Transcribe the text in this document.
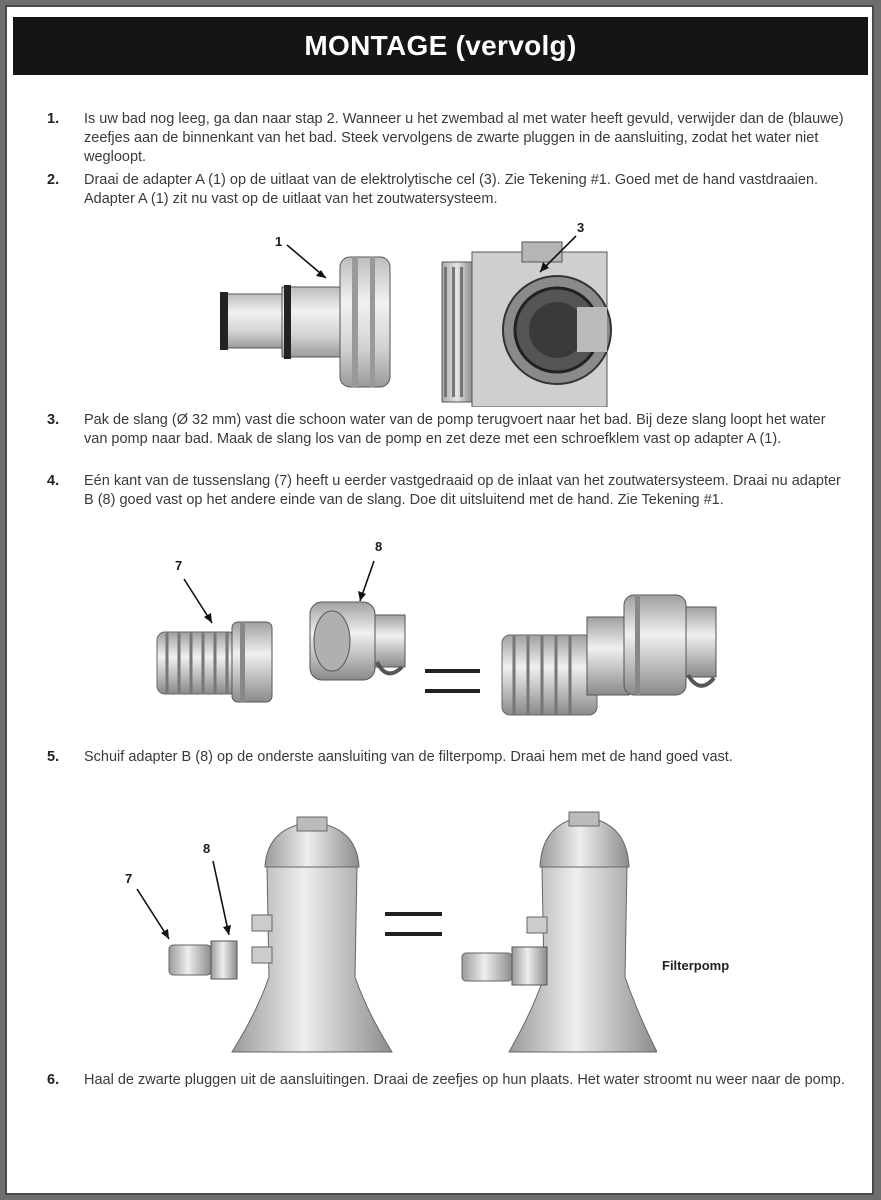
MONTAGE (vervolg)
1. Is uw bad nog leeg, ga dan naar stap 2. Wanneer u het zwembad al met water heeft gevuld, verwijder dan de (blauwe) zeefjes aan de binnenkant van het bad. Steek vervolgens de zwarte pluggen in de aansluiting, zodat het water niet wegloopt.
2. Draai de adapter A (1) op de uitlaat van de elektrolytische cel (3). Zie Tekening #1. Goed met de hand vastdraaien. Adapter A (1) zit nu vast op de uitlaat van het zoutwatersysteem.
1
3
3. Pak de slang (Ø 32 mm) vast die schoon water van de pomp terugvoert naar het bad. Bij deze slang loopt het water van pomp naar bad. Maak de slang los van de pomp en zet deze met een schroefklem vast op adapter A (1).
4. Eén kant van de tussenslang (7) heeft u eerder vastgedraaid op de inlaat van het zoutwatersysteem. Draai nu adapter B (8) goed vast op het andere einde van de slang. Doe dit uitsluitend met de hand. Zie Tekening #1.
7
8
5. Schuif adapter B (8) op de onderste aansluiting van de filterpomp. Draai hem met de hand goed vast.
7
8
Filterpomp
6. Haal de zwarte pluggen uit de aansluitingen. Draai de zeefjes op hun plaats. Het water stroomt nu weer naar de pomp.
